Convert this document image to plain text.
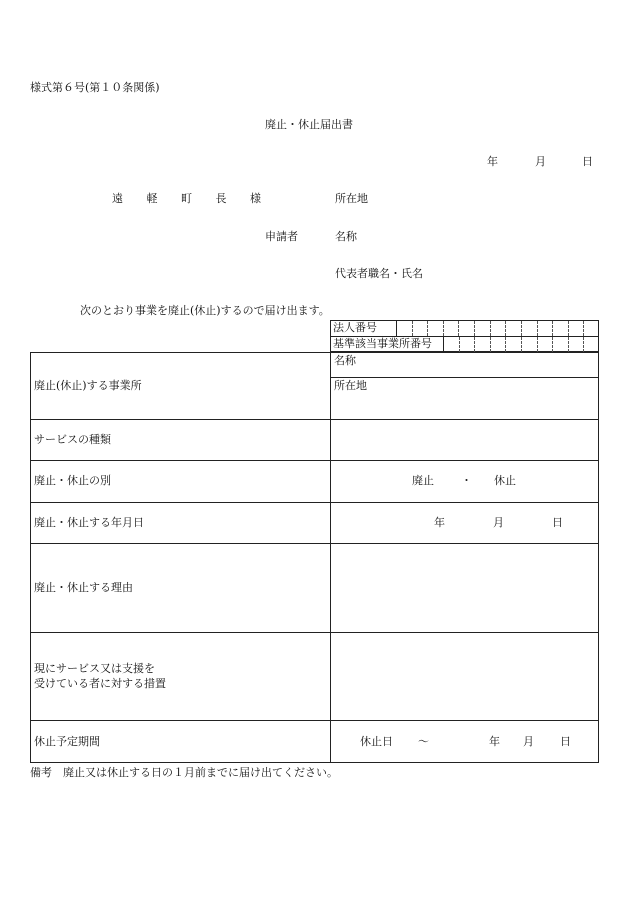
様式第６号(第１０条関係)
廃止・休止届出書
年	月	日
遠 軽 町 長 様	所在地
申請者	名称
代表者職名・氏名
次のとおり事業を廃止(休止)するので届け出ます。
法人番号
基準該当事業所番号
廃止(休止)する事業所
名称
所在地
サービスの種類
廃止・休止の別	廃止 ・ 休止
廃止・休止する年月日	年	月	日
廃止・休止する理由
現にサービス又は支援を
受けている者に対する措置
休止予定期間	休止日 ～	年 月 日
備考　廃止又は休止する日の１月前までに届け出てください。
